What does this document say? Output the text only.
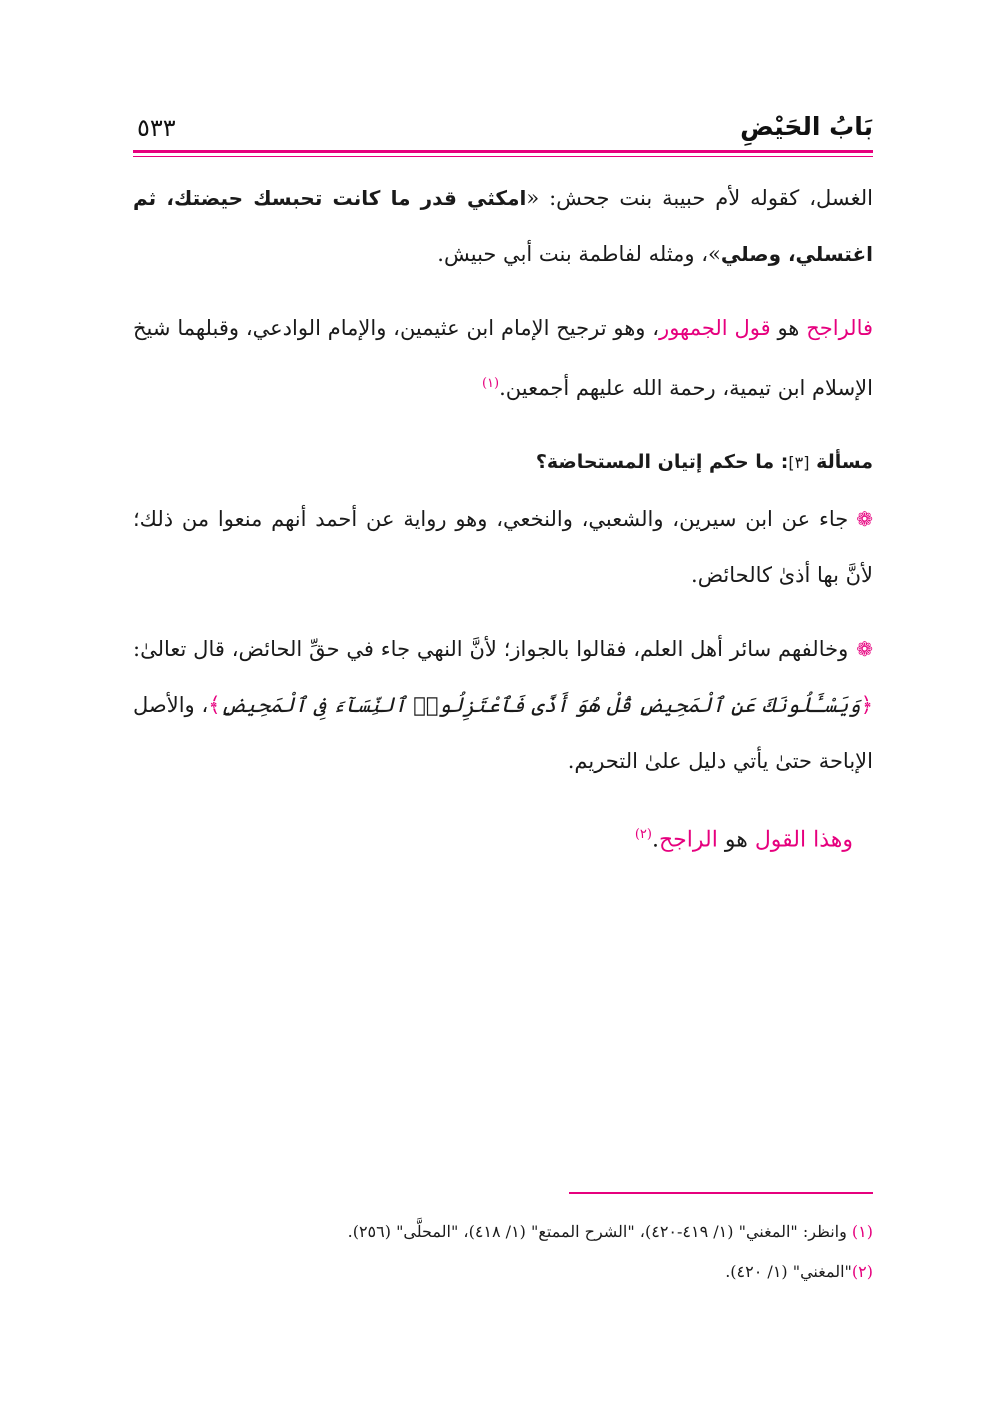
بَابُ الحَيْضِ
٥٣٣

الغسل، كقوله لأم حبيبة بنت جحش: «امكثي قدر ما كانت تحبسك حيضتك، ثم اغتسلي، وصلي»، ومثله لفاطمة بنت أبي حبيش.

فالراجح هو قول الجمهور، وهو ترجيح الإمام ابن عثيمين، والإمام الوادعي، وقبلهما شيخ الإسلام ابن تيمية، رحمة الله عليهم أجمعين.$^{(١)}$

مسألة [٣]: ما حكم إتيان المستحاضة؟

❁جاء عن ابن سيرين، والشعبي، والنخعي، وهو رواية عن أحمد أنهم منعوا من ذلك؛ لأنَّ بها أذىٰ كالحائض.

❁وخالفهم سائر أهل العلم، فقالوا بالجواز؛ لأنَّ النهي جاء في حقِّ الحائض، قال تعالىٰ: ﴿وَيَسْـَٔلُونَكَ عَنِ ٱلْمَحِيضِ قُلْ هُوَ أَذًى فَٱعْتَزِلُوا۟ ٱلنِّسَآءَ فِى ٱلْمَحِيضِ﴾، والأصل الإباحة حتىٰ يأتي دليل علىٰ التحريم.

وهذا القول هو الراجح.$^{(٢)}$

(١) وانظر: "المغني" (١/ ٤١٩-٤٢٠)، "الشرح الممتع" (١/ ٤١٨)، "المحلَّى" (٢٥٦).

(٢)"المغني" (١/ ٤٢٠).
